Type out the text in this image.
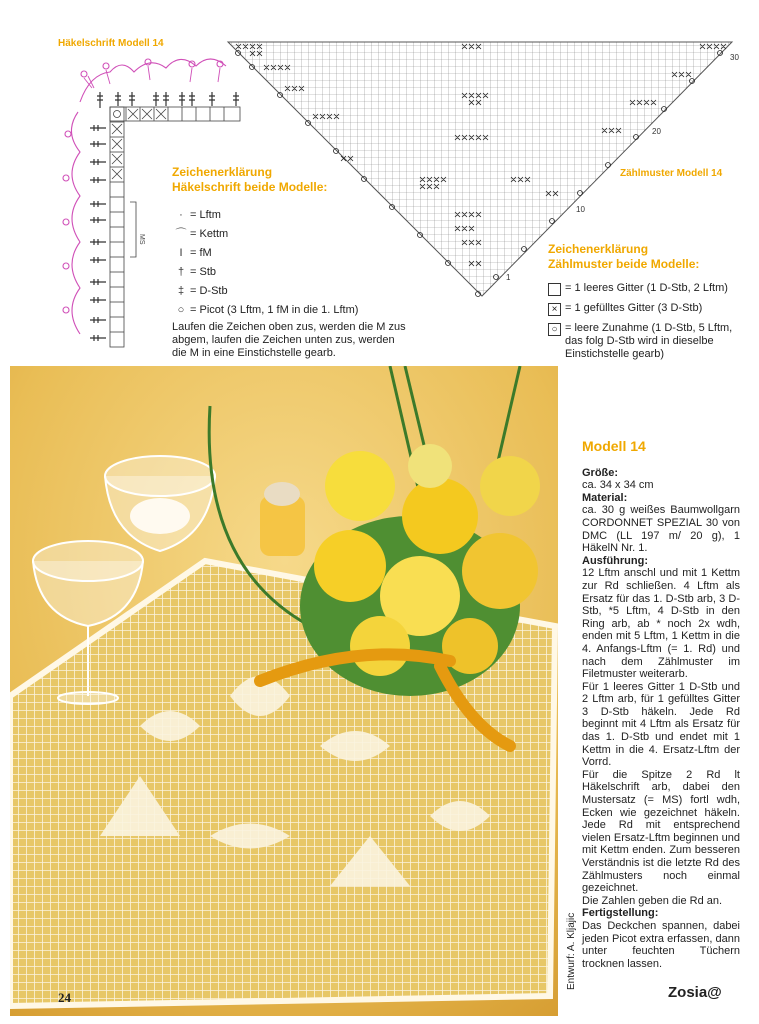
Häkelschrift Modell 14
MS
30
20
10
1
Zählmuster Modell 14
Zeichenerklärung
Häkelschrift beide Modelle:
· = Lftm
⌒ = Kettm
I = fM
† = Stb
‡ = D-Stb
○ = Picot (3 Lftm, 1 fM in die 1. Lftm)
Laufen die Zeichen oben zus, werden die M zus abgem, laufen die Zeichen unten zus, werden die M in eine Einstichstelle gearb.
Zeichenerklärung
Zählmuster beide Modelle:
= 1 leeres Gitter (1 D-Stb, 2 Lftm)
× = 1 gefülltes Gitter (3 D-Stb)
○ = leere Zunahme (1 D-Stb, 5 Lftm, das folg D-Stb wird in dieselbe Einstichstelle gearb)
Modell 14
Größe:
ca. 34 x 34 cm
Material:
ca. 30 g weißes Baumwollgarn CORDONNET SPEZIAL 30 von DMC (LL 197 m/ 20 g), 1 HäkelN Nr. 1.
Ausführung:
12 Lftm anschl und mit 1 Kettm zur Rd schließen. 4 Lftm als Ersatz für das 1. D-Stb arb, 3 D-Stb, *5 Lftm, 4 D-Stb in den Ring arb, ab * noch 2x wdh, enden mit 5 Lftm, 1 Kettm in die 4. Anfangs-Lftm (= 1. Rd) und nach dem Zählmuster im Filetmuster weiterarb.
Für 1 leeres Gitter 1 D-Stb und 2 Lftm arb, für 1 gefülltes Gitter 3 D-Stb häkeln. Jede Rd beginnt mit 4 Lftm als Ersatz für das 1. D-Stb und endet mit 1 Kettm in die 4. Ersatz-Lftm der Vorrd.
Für die Spitze 2 Rd lt Häkelschrift arb, dabei den Mustersatz (= MS) fortl wdh, Ecken wie gezeichnet häkeln. Jede Rd mit entsprechend vielen Ersatz-Lftm beginnen und mit Kettm enden. Zum besseren Verständnis ist die letzte Rd des Zählmusters noch einmal gezeichnet.
Die Zahlen geben die Rd an.
Fertigstellung:
Das Deckchen spannen, dabei jeden Picot extra erfassen, dann unter feuchten Tüchern trocknen lassen.
Entwurf: A. Kljajic
24	Zosia@
